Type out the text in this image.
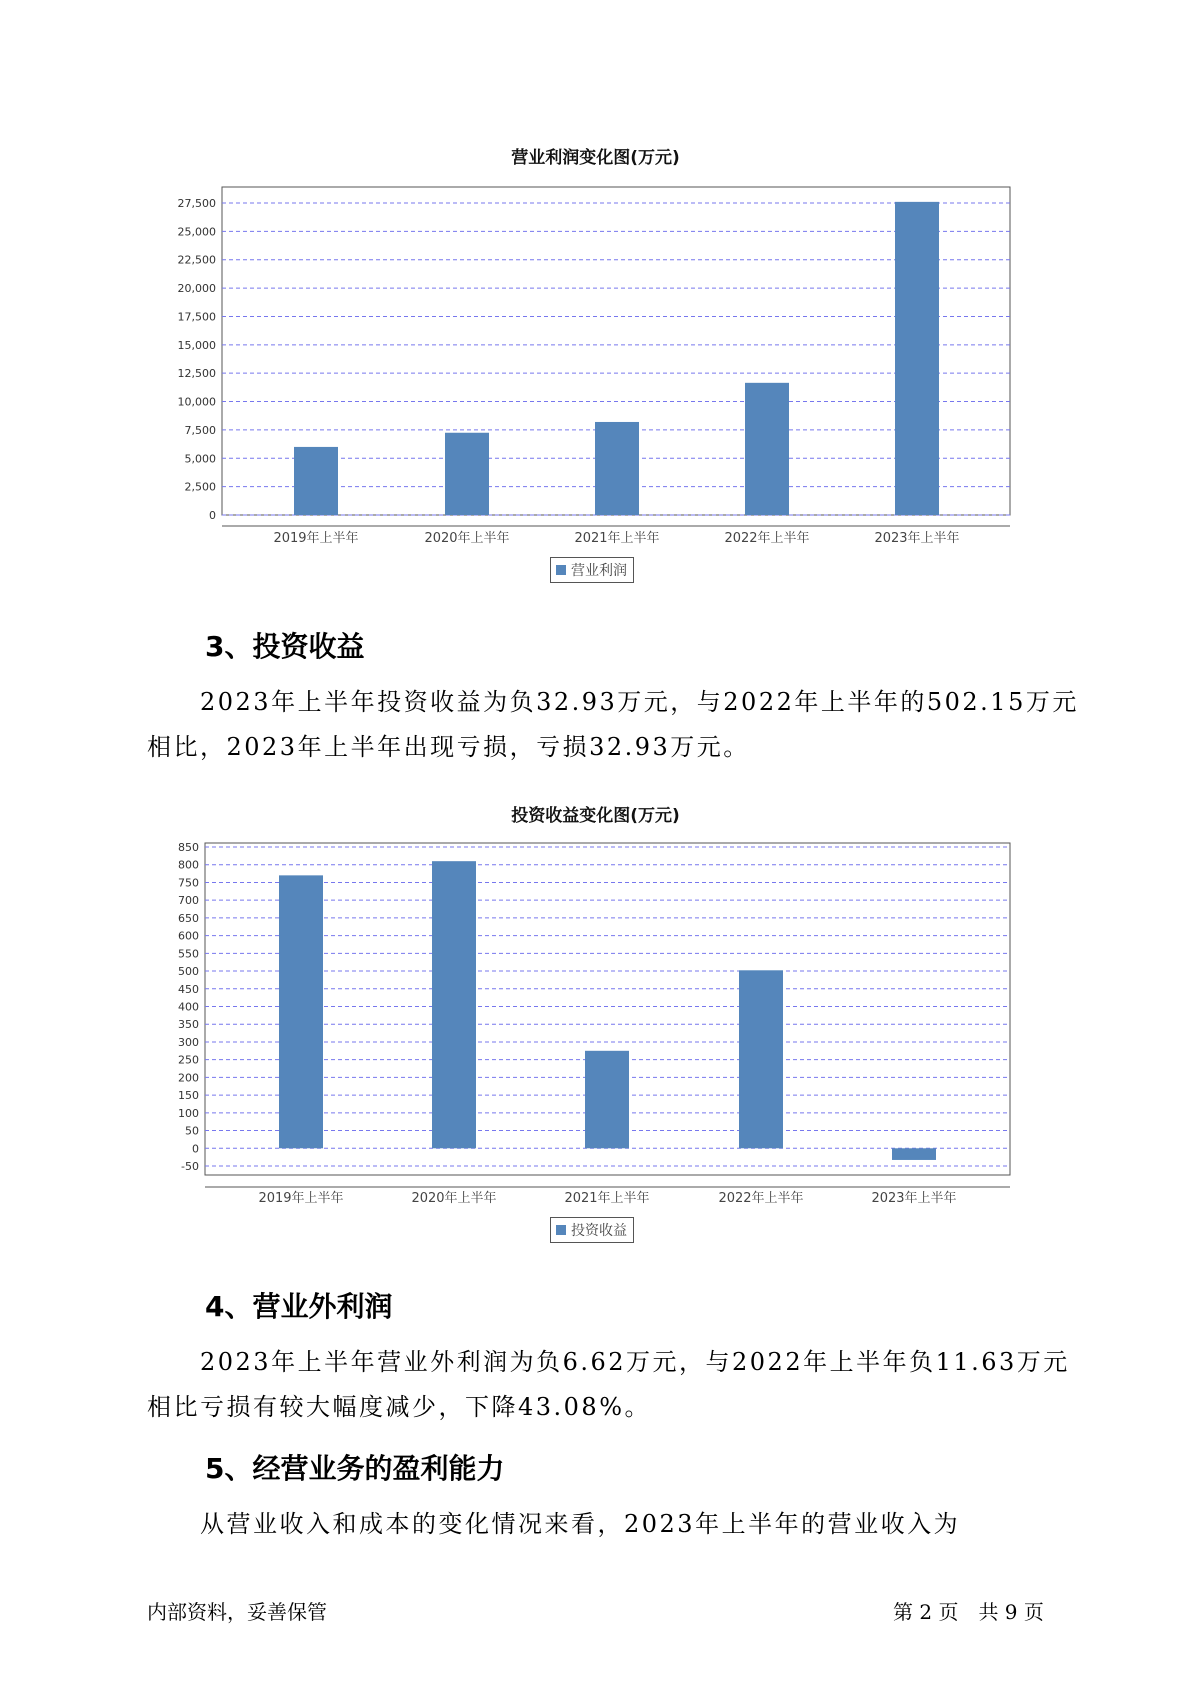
营业利润变化图(万元)
0
2,500
5,000
7,500
10,000
12,500
15,000
17,500
20,000
22,500
25,000
27,500
2019年上半年	2020年上半年	2021年上半年	2022年上半年	2023年上半年
营业利润
3、投资收益
2023年上半年投资收益为负32.93万元，与2022年上半年的502.15万元
相比，2023年上半年出现亏损，亏损32.93万元。
投资收益变化图(万元)
-50
0
50
100
150
200
250
300
350
400
450
500
550
600
650
700
750
800
850
2019年上半年	2020年上半年	2021年上半年	2022年上半年	2023年上半年
投资收益
4、营业外利润
2023年上半年营业外利润为负6.62万元，与2022年上半年负11.63万元
相比亏损有较大幅度减少，下降43.08%。
5、经营业务的盈利能力
从营业收入和成本的变化情况来看，2023年上半年的营业收入为
内部资料，妥善保管	第 2 页　共 9 页
